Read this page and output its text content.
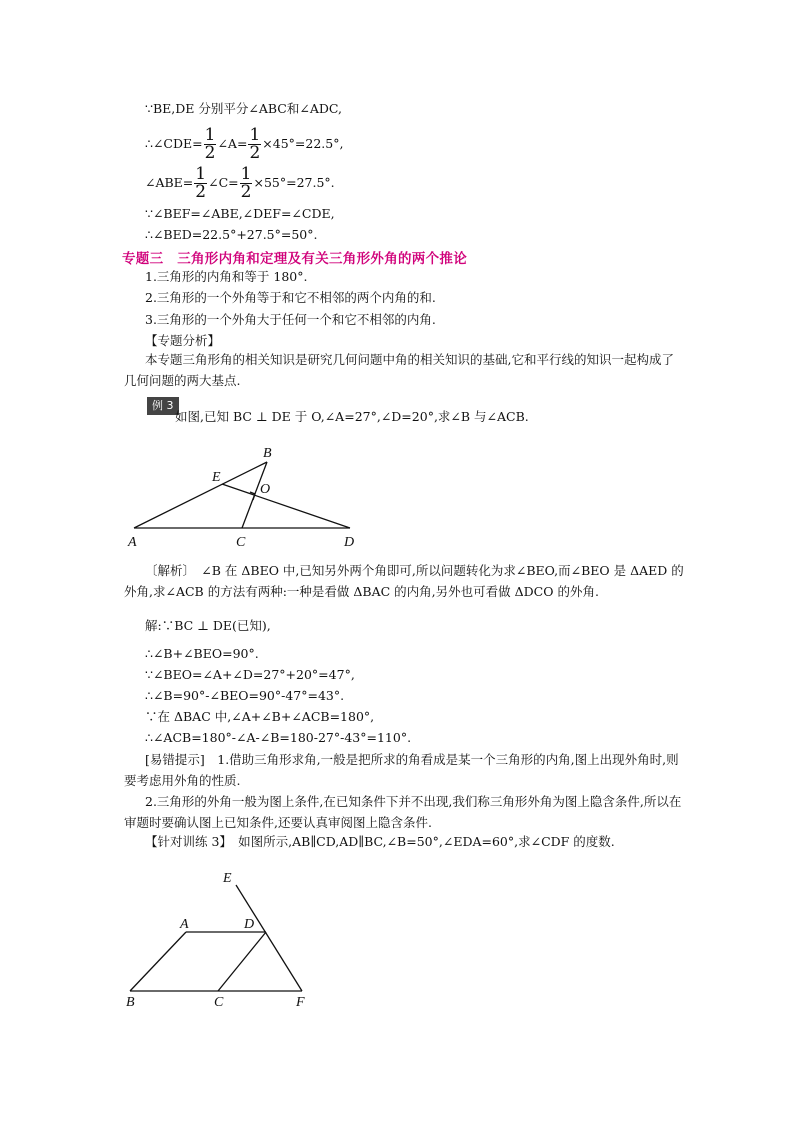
∵BE,DE 分别平分∠ABC和∠ADC,
∴∠CDE= $\frac{1}{2}$ ∠A= $\frac{1}{2} \times 45^\circ=22.5^\circ$,
∠ABE= $\frac{1}{2}$ ∠C= $\frac{1}{2} \times 55^\circ=27.5^\circ$.
∵∠BEF=∠ABE,∠DEF=∠CDE,
∴∠BED=22.5°+27.5°=50°.
专题三　三角形内角和定理及有关三角形外角的两个推论
1.三角形的内角和等于 180°.
2.三角形的一个外角等于和它不相邻的两个内角的和.
3.三角形的一个外角大于任何一个和它不相邻的内角.
【专题分析】
本专题三角形角的相关知识是研究几何问题中角的相关知识的基础,它和平行线的知识一起构成了几何问题的两大基点.
例 3
如图,已知 BC ⊥ DE 于 O,∠A=27°,∠D=20°,求∠B 与∠ACB.
A
B
C	D
E
O
〔解析〕　∠B 在 ΔBEO 中,已知另外两个角即可,所以问题转化为求∠BEO,而∠BEO 是 ΔAED 的外角,求∠ACB 的方法有两种:一种是看做 ΔBAC 的内角,另外也可看做 ΔDCO 的外角.
解:∵BC ⊥ DE(已知),
∴∠B+∠BEO=90°.
∵∠BEO=∠A+∠D=27°+20°=47°,
∴∠B=90°-∠BEO=90°-47°=43°.
∵在 ΔBAC 中,∠A+∠B+∠ACB=180°,
∴∠ACB=180°-∠A-∠B=180-27°-43°=110°.
[易错提示]　1.借助三角形求角,一般是把所求的角看成是某一个三角形的内角,图上出现外角时,则要考虑用外角的性质.
2.三角形的外角一般为图上条件,在已知条件下并不出现,我们称三角形外角为图上隐含条件,所以在审题时要确认图上已知条件,还要认真审阅图上隐含条件.
【针对训练 3】　如图所示,AB∥CD,AD∥BC,∠B=50°,∠EDA=60°,求∠CDF 的度数.
E
A	D
B	C	F
